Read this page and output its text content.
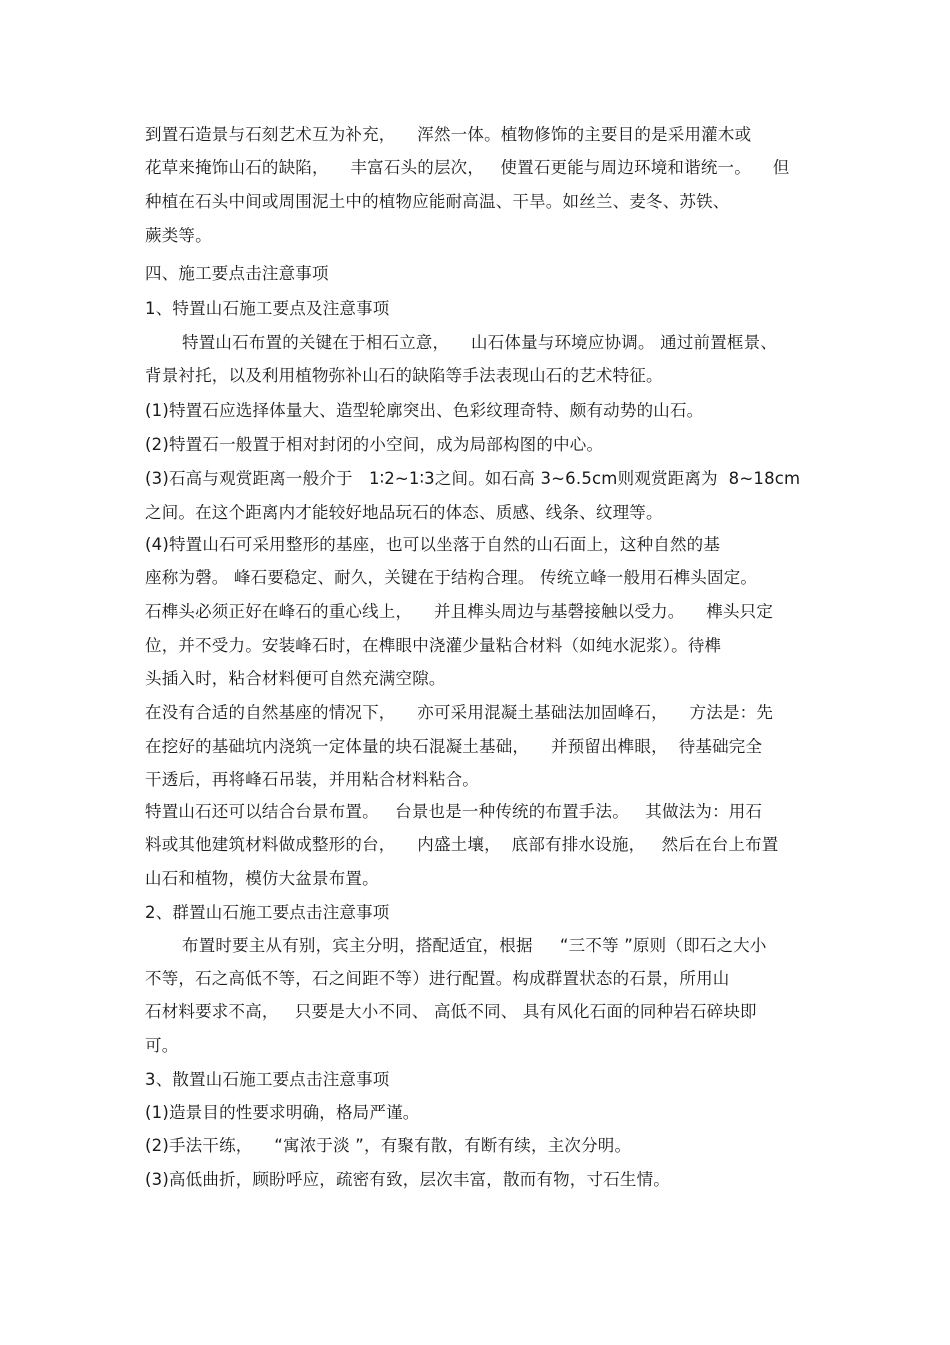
到置石造景与石刻艺术互为补充，    浑然一体。植物修饰的主要目的是采用灌木或
花草来掩饰山石的缺陷，    丰富石头的层次，   使置石更能与周边环境和谐统一。    但
种植在石头中间或周围泥土中的植物应能耐高温、干旱。如丝兰、麦冬、苏铁、
蕨类等。
四、施工要点击注意事项
1、特置山石施工要点及注意事项
特置山石布置的关键在于相石立意，    山石体量与环境应协调。 通过前置框景、
背景衬托，以及利用植物弥补山石的缺陷等手法表现山石的艺术特征。
(1)特置石应选择体量大、造型轮廓突出、色彩纹理奇特、颇有动势的山石。
(2)特置石一般置于相对封闭的小空间，成为局部构图的中心。
(3)石高与观赏距离一般介于   1∶2~1∶3之间。如石高 3~6.5cm则观赏距离为  8~18cm
之间。在这个距离内才能较好地品玩石的体态、质感、线条、纹理等。
(4)特置山石可采用整形的基座，也可以坐落于自然的山石面上，这种自然的基
座称为磬。 峰石要稳定、耐久，关键在于结构合理。 传统立峰一般用石榫头固定。
石榫头必须正好在峰石的重心线上，    并且榫头周边与基磬接触以受力。    榫头只定
位，并不受力。安装峰石时，在榫眼中浇灌少量粘合材料（如纯水泥浆）。待榫
头插入时，粘合材料便可自然充满空隙。
在没有合适的自然基座的情况下，    亦可采用混凝土基础法加固峰石，    方法是：先
在挖好的基础坑内浇筑一定体量的块石混凝土基础，    并预留出榫眼，  待基础完全
干透后，再将峰石吊装，并用粘合材料粘合。
特置山石还可以结合台景布置。   台景也是一种传统的布置手法。   其做法为：用石
料或其他建筑材料做成整形的台，    内盛土壤，  底部有排水设施，   然后在台上布置
山石和植物，模仿大盆景布置。
2、群置山石施工要点击注意事项
布置时要主从有别，宾主分明，搭配适宜，根据     “三不等 ”原则（即石之大小
不等，石之高低不等，石之间距不等）进行配置。构成群置状态的石景，所用山
石材料要求不高，   只要是大小不同、 高低不同、 具有风化石面的同种岩石碎块即
可。
3、散置山石施工要点击注意事项
(1)造景目的性要求明确，格局严谨。
(2)手法干练，    “寓浓于淡 ”，有聚有散，有断有续，主次分明。
(3)高低曲折，顾盼呼应，疏密有致，层次丰富，散而有物，寸石生情。
